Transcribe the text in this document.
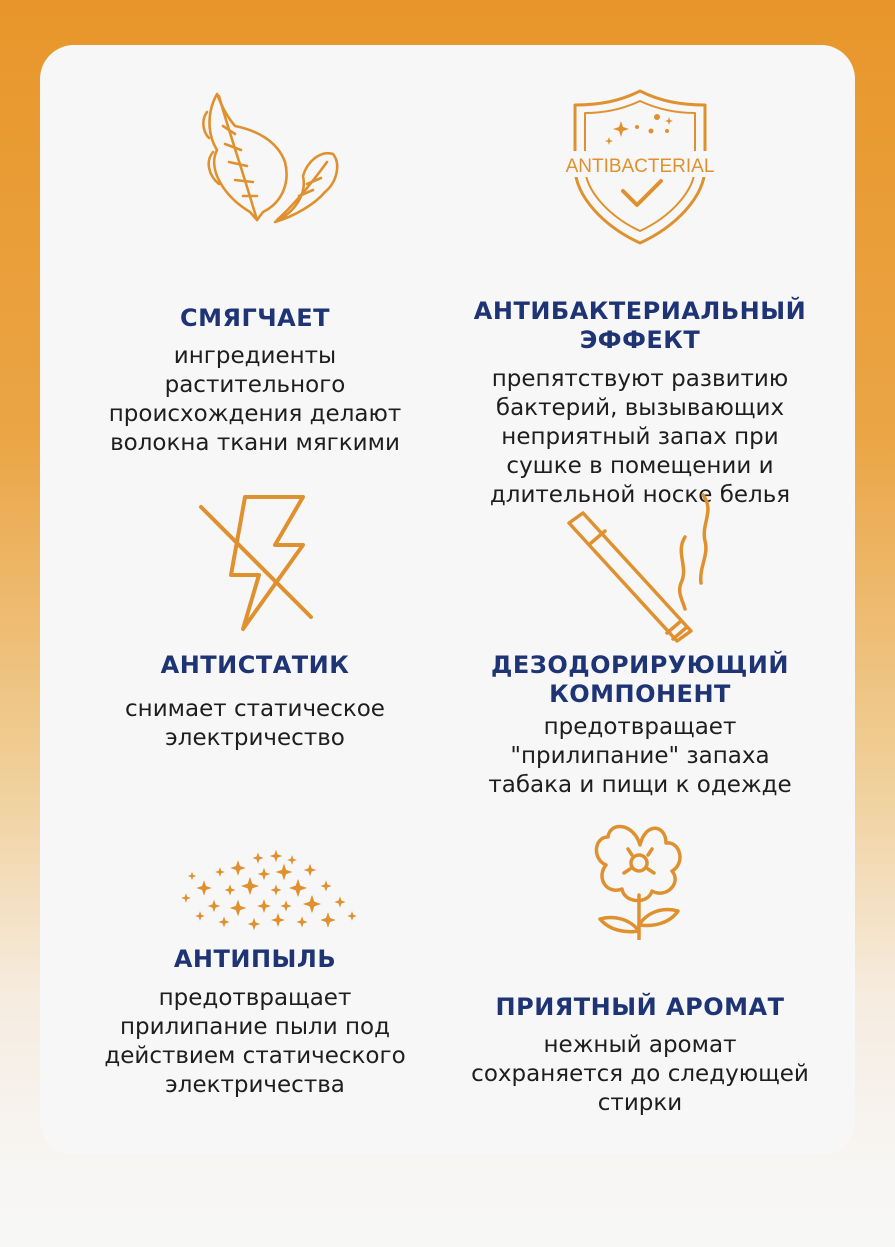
СМЯГЧАЕТ
ингредиенты
растительного
происхождения делают
волокна ткани мягкими
ANTIBACTERIAL
АНТИБАКТЕРИАЛЬНЫЙ
ЭФФЕКТ
препятствуют развитию
бактерий, вызывающих
неприятный запах при
сушке в помещении и
длительной носке белья
АНТИСТАТИК
снимает статическое
электричество
ДЕЗОДОРИРУЮЩИЙ
КОМПОНЕНТ
предотвращает
"прилипание" запаха
табака и пищи к одежде
АНТИПЫЛЬ
предотвращает
прилипание пыли под
действием статического
электричества
ПРИЯТНЫЙ АРОМАТ
нежный аромат
сохраняется до следующей
стирки
